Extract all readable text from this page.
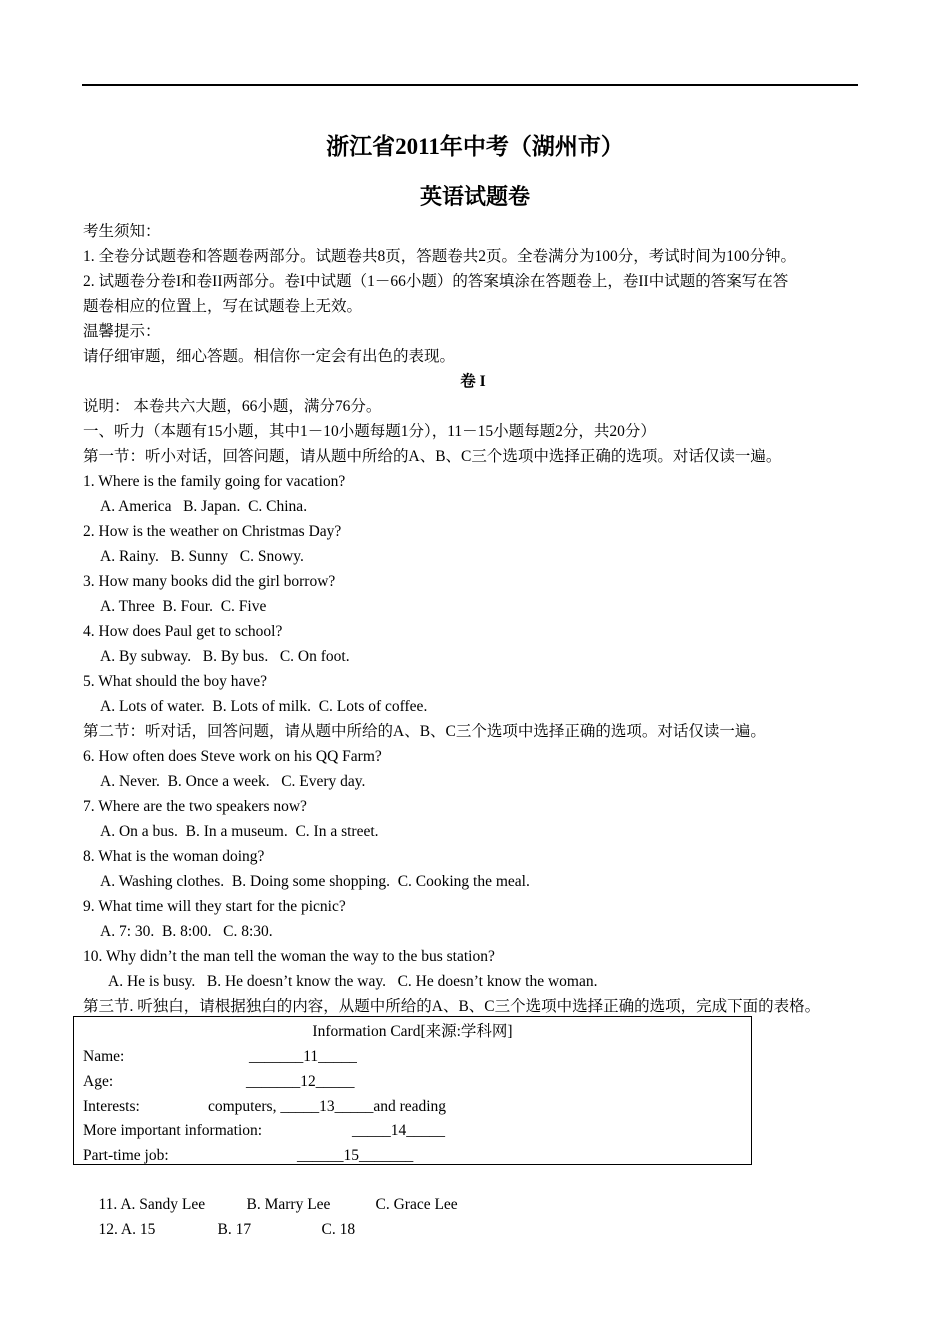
浙江省2011年中考（湖州市）
英语试题卷
考生须知：
1. 全卷分试题卷和答题卷两部分。试题卷共8页，答题卷共2页。全卷满分为100分，考试时间为100分钟。
2. 试题卷分卷I和卷II两部分。卷I中试题（1－66小题）的答案填涂在答题卷上，卷II中试题的答案写在答
题卷相应的位置上，写在试题卷上无效。
温馨提示：
请仔细审题，细心答题。相信你一定会有出色的表现。
卷 I
说明： 本卷共六大题，66小题，满分76分。
一、听力（本题有15小题，其中1－10小题每题1分），11－15小题每题2分，共20分）
第一节：听小对话，回答问题，请从题中所给的A、B、C三个选项中选择正确的选项。对话仅读一遍。
1. Where is the family going for vacation?
A. America   B. Japan.  C. China.
2. How is the weather on Christmas Day?
A. Rainy.   B. Sunny   C. Snowy.
3. How many books did the girl borrow?
A. Three  B. Four.  C. Five
4. How does Paul get to school?
A. By subway.   B. By bus.   C. On foot.
5. What should the boy have?
A. Lots of water.  B. Lots of milk.  C. Lots of coffee.
第二节：听对话，回答问题，请从题中所给的A、B、C三个选项中选择正确的选项。对话仅读一遍。
6. How often does Steve work on his QQ Farm?
A. Never.  B. Once a week.   C. Every day.
7. Where are the two speakers now?
A. On a bus.  B. In a museum.  C. In a street.
8. What is the woman doing?
A. Washing clothes.  B. Doing some shopping.  C. Cooking the meal.
9. What time will they start for the picnic?
A. 7: 30.  B. 8:00.   C. 8:30.
10. Why didn’t the man tell the woman the way to the bus station?
A. He is busy.   B. He doesn’t know the way.   C. He doesn’t know the woman.
第三节. 听独白，请根据独白的内容，从题中所给的A、B、C三个选项中选择正确的选项，完成下面的表格。
Information Card[来源:学科网]
Name:	_______11_____
Age:	_______12_____
Interests:	computers, _____13_____and reading
More important information:	_____14_____
Part-time job:	______15_______

11. A. Sandy Lee	B. Marry Lee	C. Grace Lee

12. A. 15	B. 17	C. 18
